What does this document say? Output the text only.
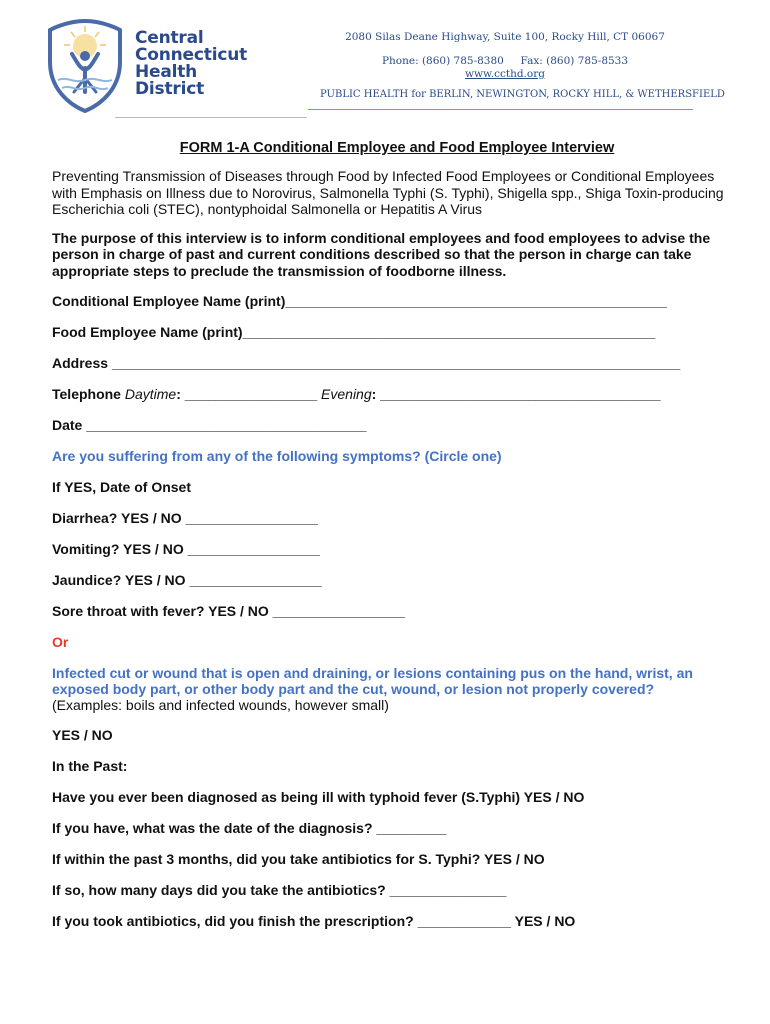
Central
Connecticut
Health
District
2080 Silas Deane Highway, Suite 100, Rocky Hill, CT 06067
Phone: (860) 785-8380     Fax: (860) 785-8533
www.ccthd.org
PUBLIC HEALTH for BERLIN, NEWINGTON, ROCKY HILL, & WETHERSFIELD
FORM 1-A Conditional Employee and Food Employee Interview
Preventing Transmission of Diseases through Food by Infected Food Employees or Conditional Employees with Emphasis on Illness due to Norovirus, Salmonella Typhi (S. Typhi), Shigella spp., Shiga Toxin-producing Escherichia coli (STEC), nontyphoidal Salmonella or Hepatitis A Virus
The purpose of this interview is to inform conditional employees and food employees to advise the person in charge of past and current conditions described so that the person in charge can take appropriate steps to preclude the transmission of foodborne illness.
Conditional Employee Name (print)_________________________________________________
Food Employee Name (print)_____________________________________________________
Address _________________________________________________________________________
Telephone Daytime: _________________ Evening: ____________________________________
Date ____________________________________
Are you suffering from any of the following symptoms? (Circle one)
If YES, Date of Onset
Diarrhea? YES / NO _________________
Vomiting? YES / NO _________________
Jaundice? YES / NO _________________
Sore throat with fever? YES / NO _________________
Or
Infected cut or wound that is open and draining, or lesions containing pus on the hand, wrist, an exposed body part, or other body part and the cut, wound, or lesion not properly covered?
(Examples: boils and infected wounds, however small)
YES / NO
In the Past:
Have you ever been diagnosed as being ill with typhoid fever (S.Typhi) YES / NO
If you have, what was the date of the diagnosis? _________
If within the past 3 months, did you take antibiotics for S. Typhi? YES / NO
If so, how many days did you take the antibiotics? _______________
If you took antibiotics, did you finish the prescription? ____________ YES / NO
